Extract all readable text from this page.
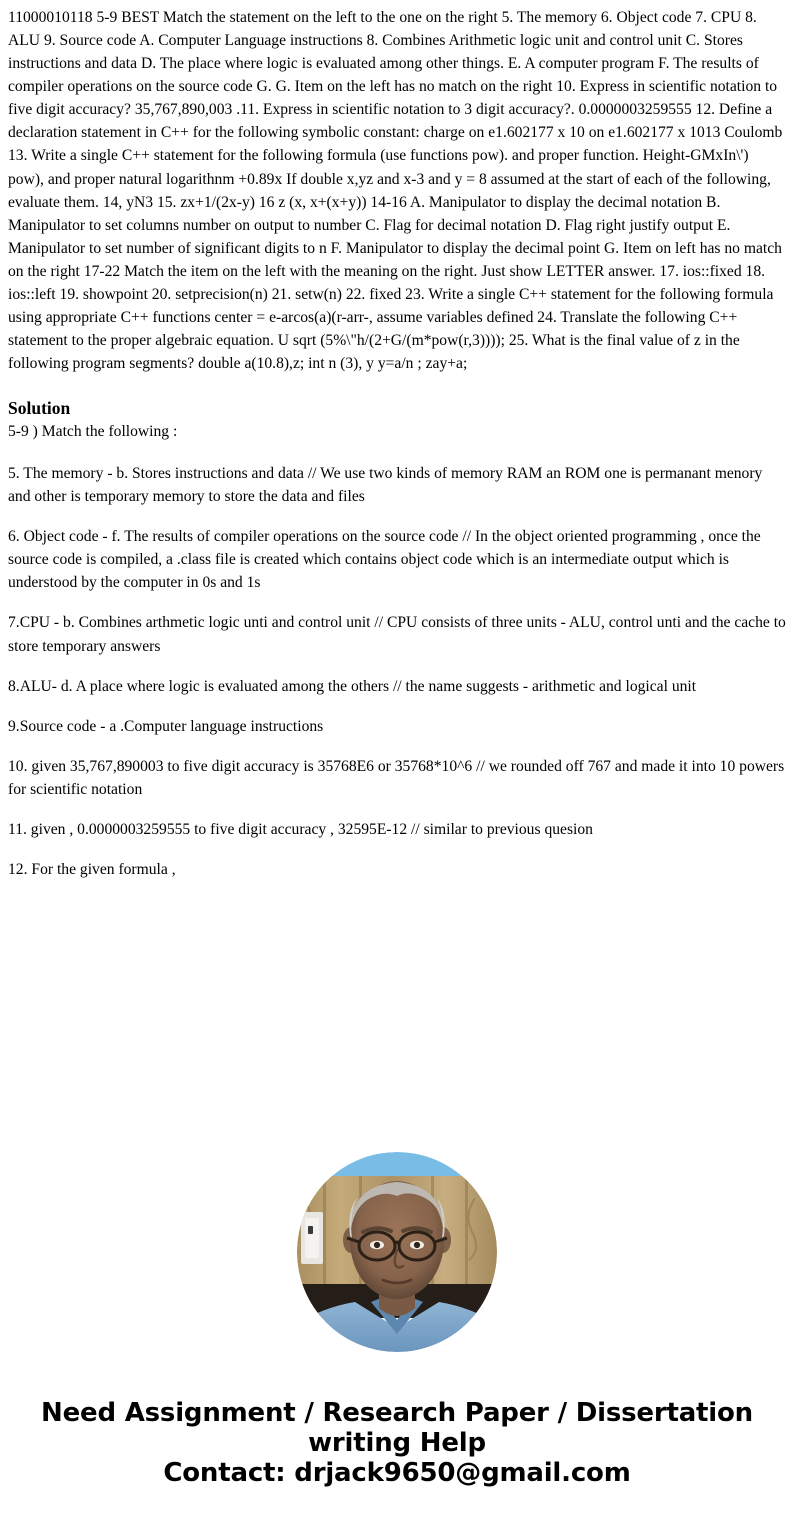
11000010118 5-9 BEST Match the statement on the left to the one on the right 5. The memory 6. Object code 7. CPU 8. ALU 9. Source code A. Computer Language instructions 8. Combines Arithmetic logic unit and control unit C. Stores instructions and data D. The place where logic is evaluated among other things. E. A computer program F. The results of compiler operations on the source code G. G. Item on the left has no match on the right 10. Express in scientific notation to five digit accuracy? 35,767,890,003 .11. Express in scientific notation to 3 digit accuracy?. 0.0000003259555 12. Define a declaration statement in C++ for the following symbolic constant: charge on e1.602177 x 10 on e1.602177 x 1013 Coulomb 13. Write a single C++ statement for the following formula (use functions pow). and proper function. Height-GMxIn\') pow), and proper natural logarithnm +0.89x If double x,yz and x-3 and y = 8 assumed at the start of each of the following, evaluate them. 14, yN3 15. zx+1/(2x-y) 16 z (x, x+(x+y)) 14-16 A. Manipulator to display the decimal notation B. Manipulator to set columns number on output to number C. Flag for decimal notation D. Flag right justify output E. Manipulator to set number of significant digits to n F. Manipulator to display the decimal point G. Item on left has no match on the right 17-22 Match the item on the left with the meaning on the right. Just show LETTER answer. 17. ios::fixed 18. ios::left 19. showpoint 20. setprecision(n) 21. setw(n) 22. fixed 23. Write a single C++ statement for the following formula using appropriate C++ functions center = e-arcos(a)(r-arr-, assume variables defined 24. Translate the following C++ statement to the proper algebraic equation. U sqrt (5%\"h/(2+G/(m*pow(r,3)))); 25. What is the final value of z in the following program segments? double a(10.8),z; int n (3), y y=a/n ; zay+a;

Solution

5-9 ) Match the following :

5. The memory - b. Stores instructions and data // We use two kinds of memory RAM an ROM one is permanant menory and other is temporary memory to store the data and files
6. Object code - f. The results of compiler operations on the source code // In the object oriented programming , once the source code is compiled, a .class file is created which contains object code which is an intermediate output which is understood by the computer in 0s and 1s
7.CPU - b. Combines arthmetic logic unti and control unit // CPU consists of three units - ALU, control unti and the cache to store temporary answers
8.ALU- d. A place where logic is evaluated among the others // the name suggests - arithmetic and logical unit
9.Source code - a .Computer language instructions
10. given 35,767,890003 to five digit accuracy is 35768E6 or 35768*10^6 // we rounded off 767 and made it into 10 powers for scientific notation
11. given , 0.0000003259555 to five digit accuracy , 32595E-12 // similar to previous quesion
12. For the given formula ,
Need Assignment / Research Paper / Dissertation
writing Help
Contact: drjack9650@gmail.com
